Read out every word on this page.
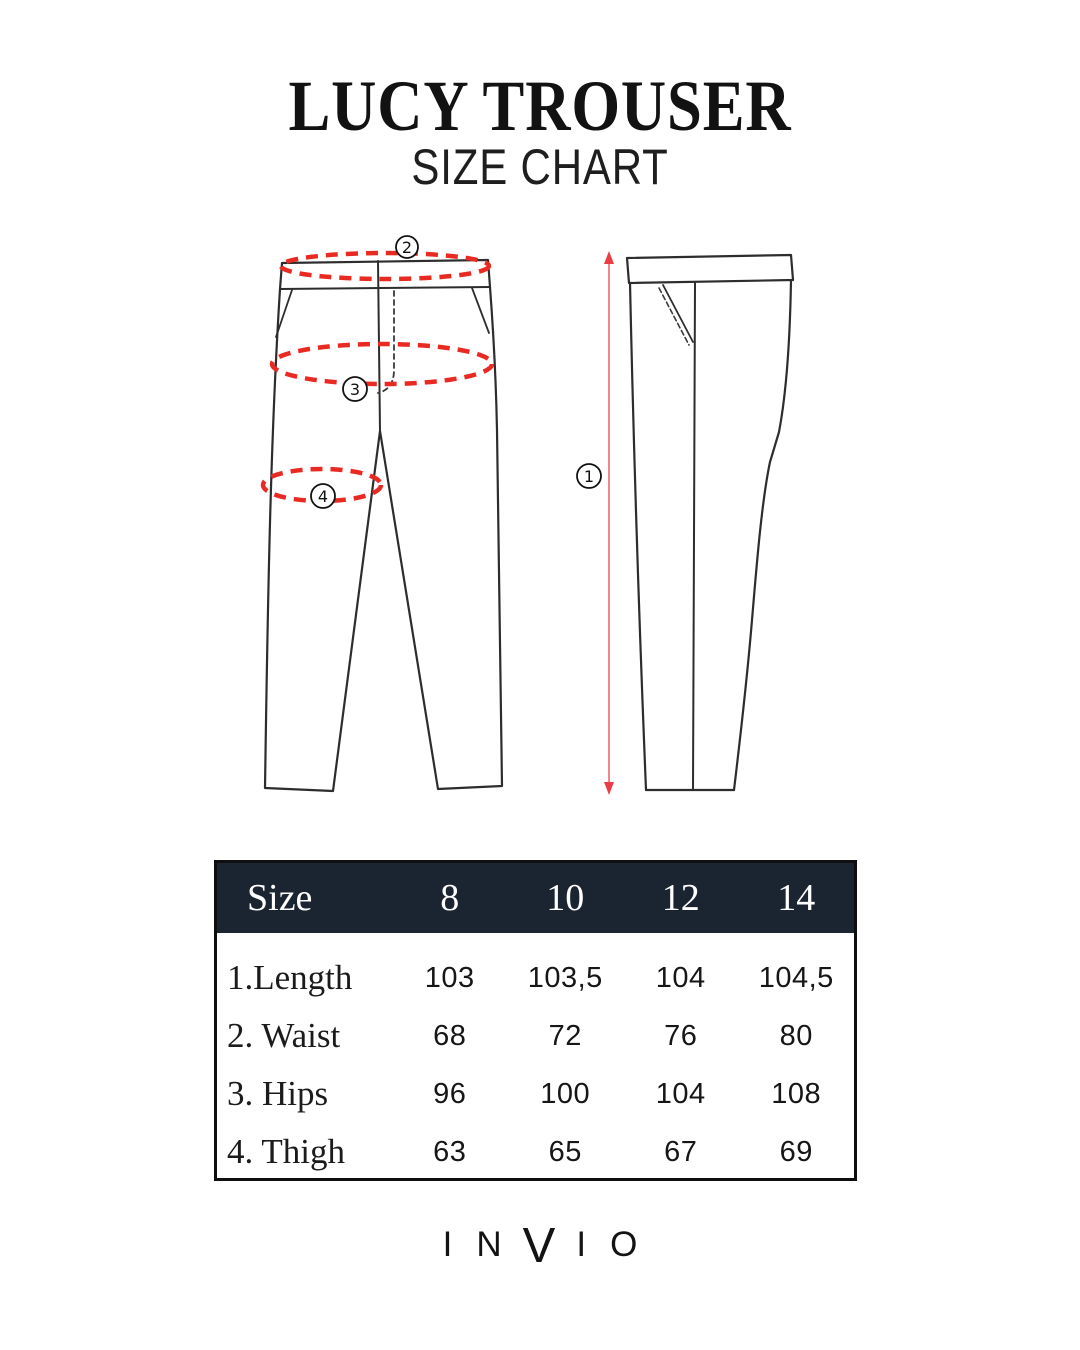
LUCY TROUSER
SIZE CHART
2
3
4
1
Size	8	10	12	14
1.Length	103	103,5	104	104,5
2. Waist	68	72	76	80
3. Hips	96	100	104	108
4. Thigh	63	65	67	69
I N V I O
